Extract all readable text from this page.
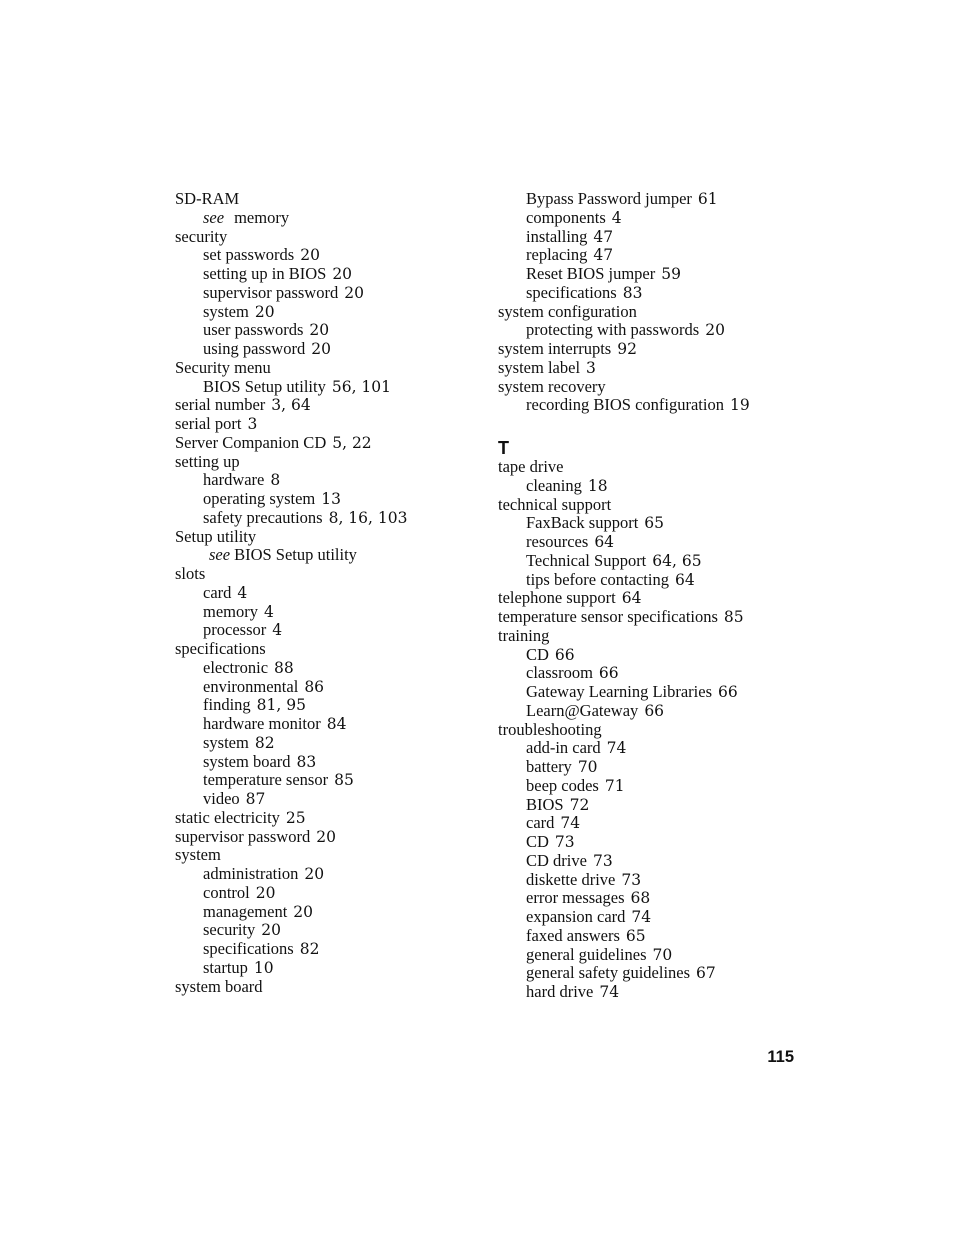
SD-RAM
see memory
security
set passwords 20
setting up in BIOS 20
supervisor password 20
system 20
user passwords 20
using password 20
Security menu
BIOS Setup utility 56, 101
serial number 3, 64
serial port 3
Server Companion CD 5, 22
setting up
hardware 8
operating system 13
safety precautions 8, 16, 103
Setup utility
see BIOS Setup utility
slots
card 4
memory 4
processor 4
specifications
electronic 88
environmental 86
finding 81, 95
hardware monitor 84
system 82
system board 83
temperature sensor 85
video 87
static electricity 25
supervisor password 20
system
administration 20
control 20
management 20
security 20
specifications 82
startup 10
system board
Bypass Password jumper 61
components 4
installing 47
replacing 47
Reset BIOS jumper 59
specifications 83
system configuration
protecting with passwords 20
system interrupts 92
system label 3
system recovery
recording BIOS configuration 19
T
tape drive
cleaning 18
technical support
FaxBack support 65
resources 64
Technical Support 64, 65
tips before contacting 64
telephone support 64
temperature sensor specifications 85
training
CD 66
classroom 66
Gateway Learning Libraries 66
Learn@Gateway 66
troubleshooting
add-in card 74
battery 70
beep codes 71
BIOS 72
card 74
CD 73
CD drive 73
diskette drive 73
error messages 68
expansion card 74
faxed answers 65
general guidelines 70
general safety guidelines 67
hard drive 74
115
